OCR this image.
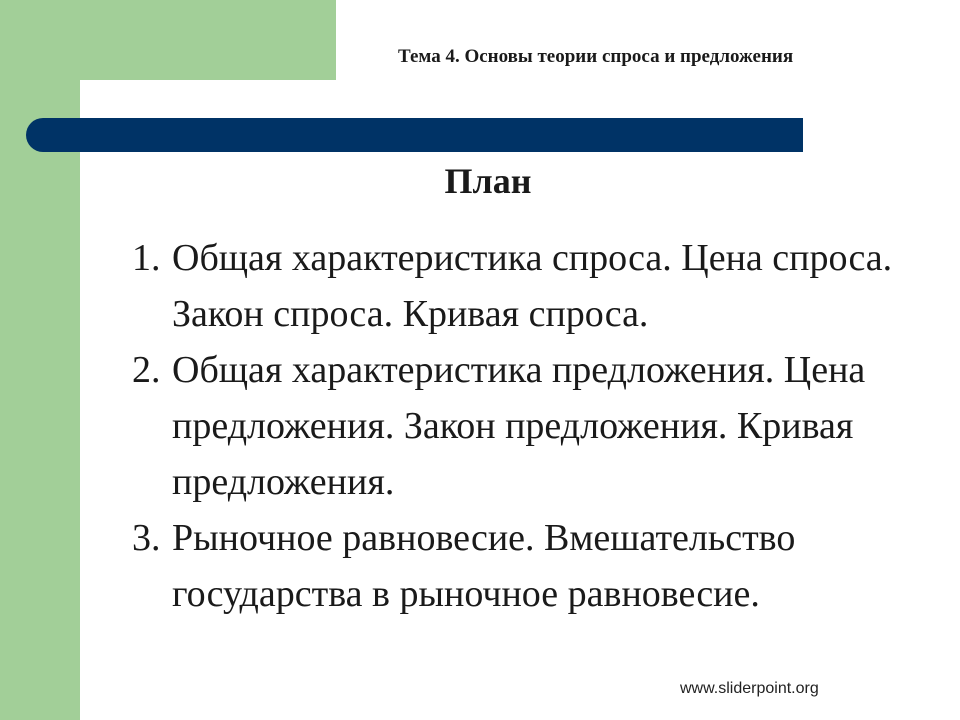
Тема 4. Основы теории спроса и предложения
План
1. Общая характеристика спроса. Цена спроса. Закон спроса. Кривая спроса.
2. Общая характеристика предложения. Цена предложения. Закон предложения. Кривая предложения.
3. Рыночное равновесие. Вмешательство государства в рыночное равновесие.
www.sliderpoint.org
